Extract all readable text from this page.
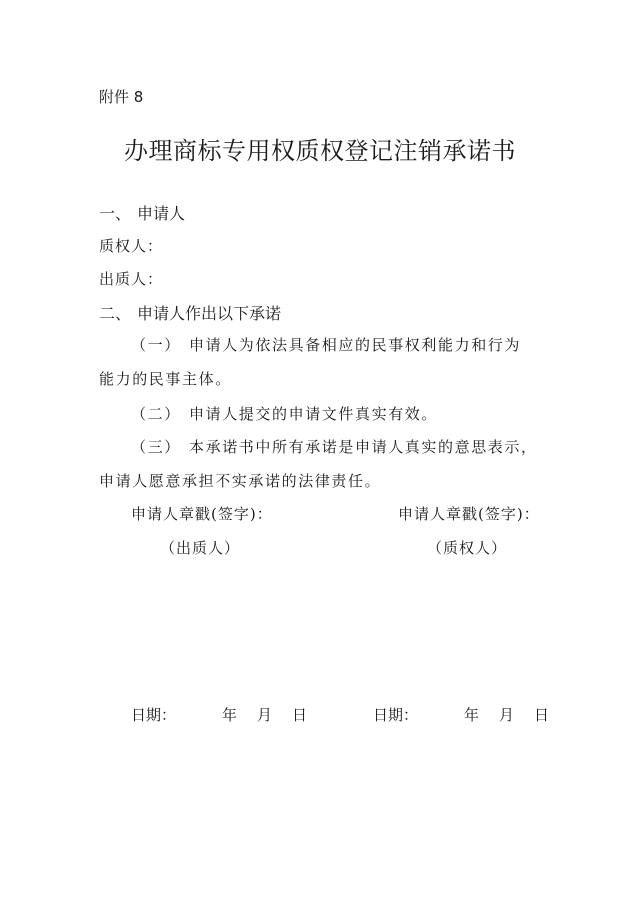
附件 8
办理商标专用权质权登记注销承诺书
一、 申请人
质权人：
出质人：
二、 申请人作出以下承诺
（一） 申请人为依法具备相应的民事权利能力和行为
能力的民事主体。
（二） 申请人提交的申请文件真实有效。
（三） 本承诺书中所有承诺是申请人真实的意思表示，
申请人愿意承担不实承诺的法律责任。
申请人章戳(签字)：	申请人章戳(签字)：
（出质人）	（质权人）
日期：	年 月 日	日期：	年 月 日
